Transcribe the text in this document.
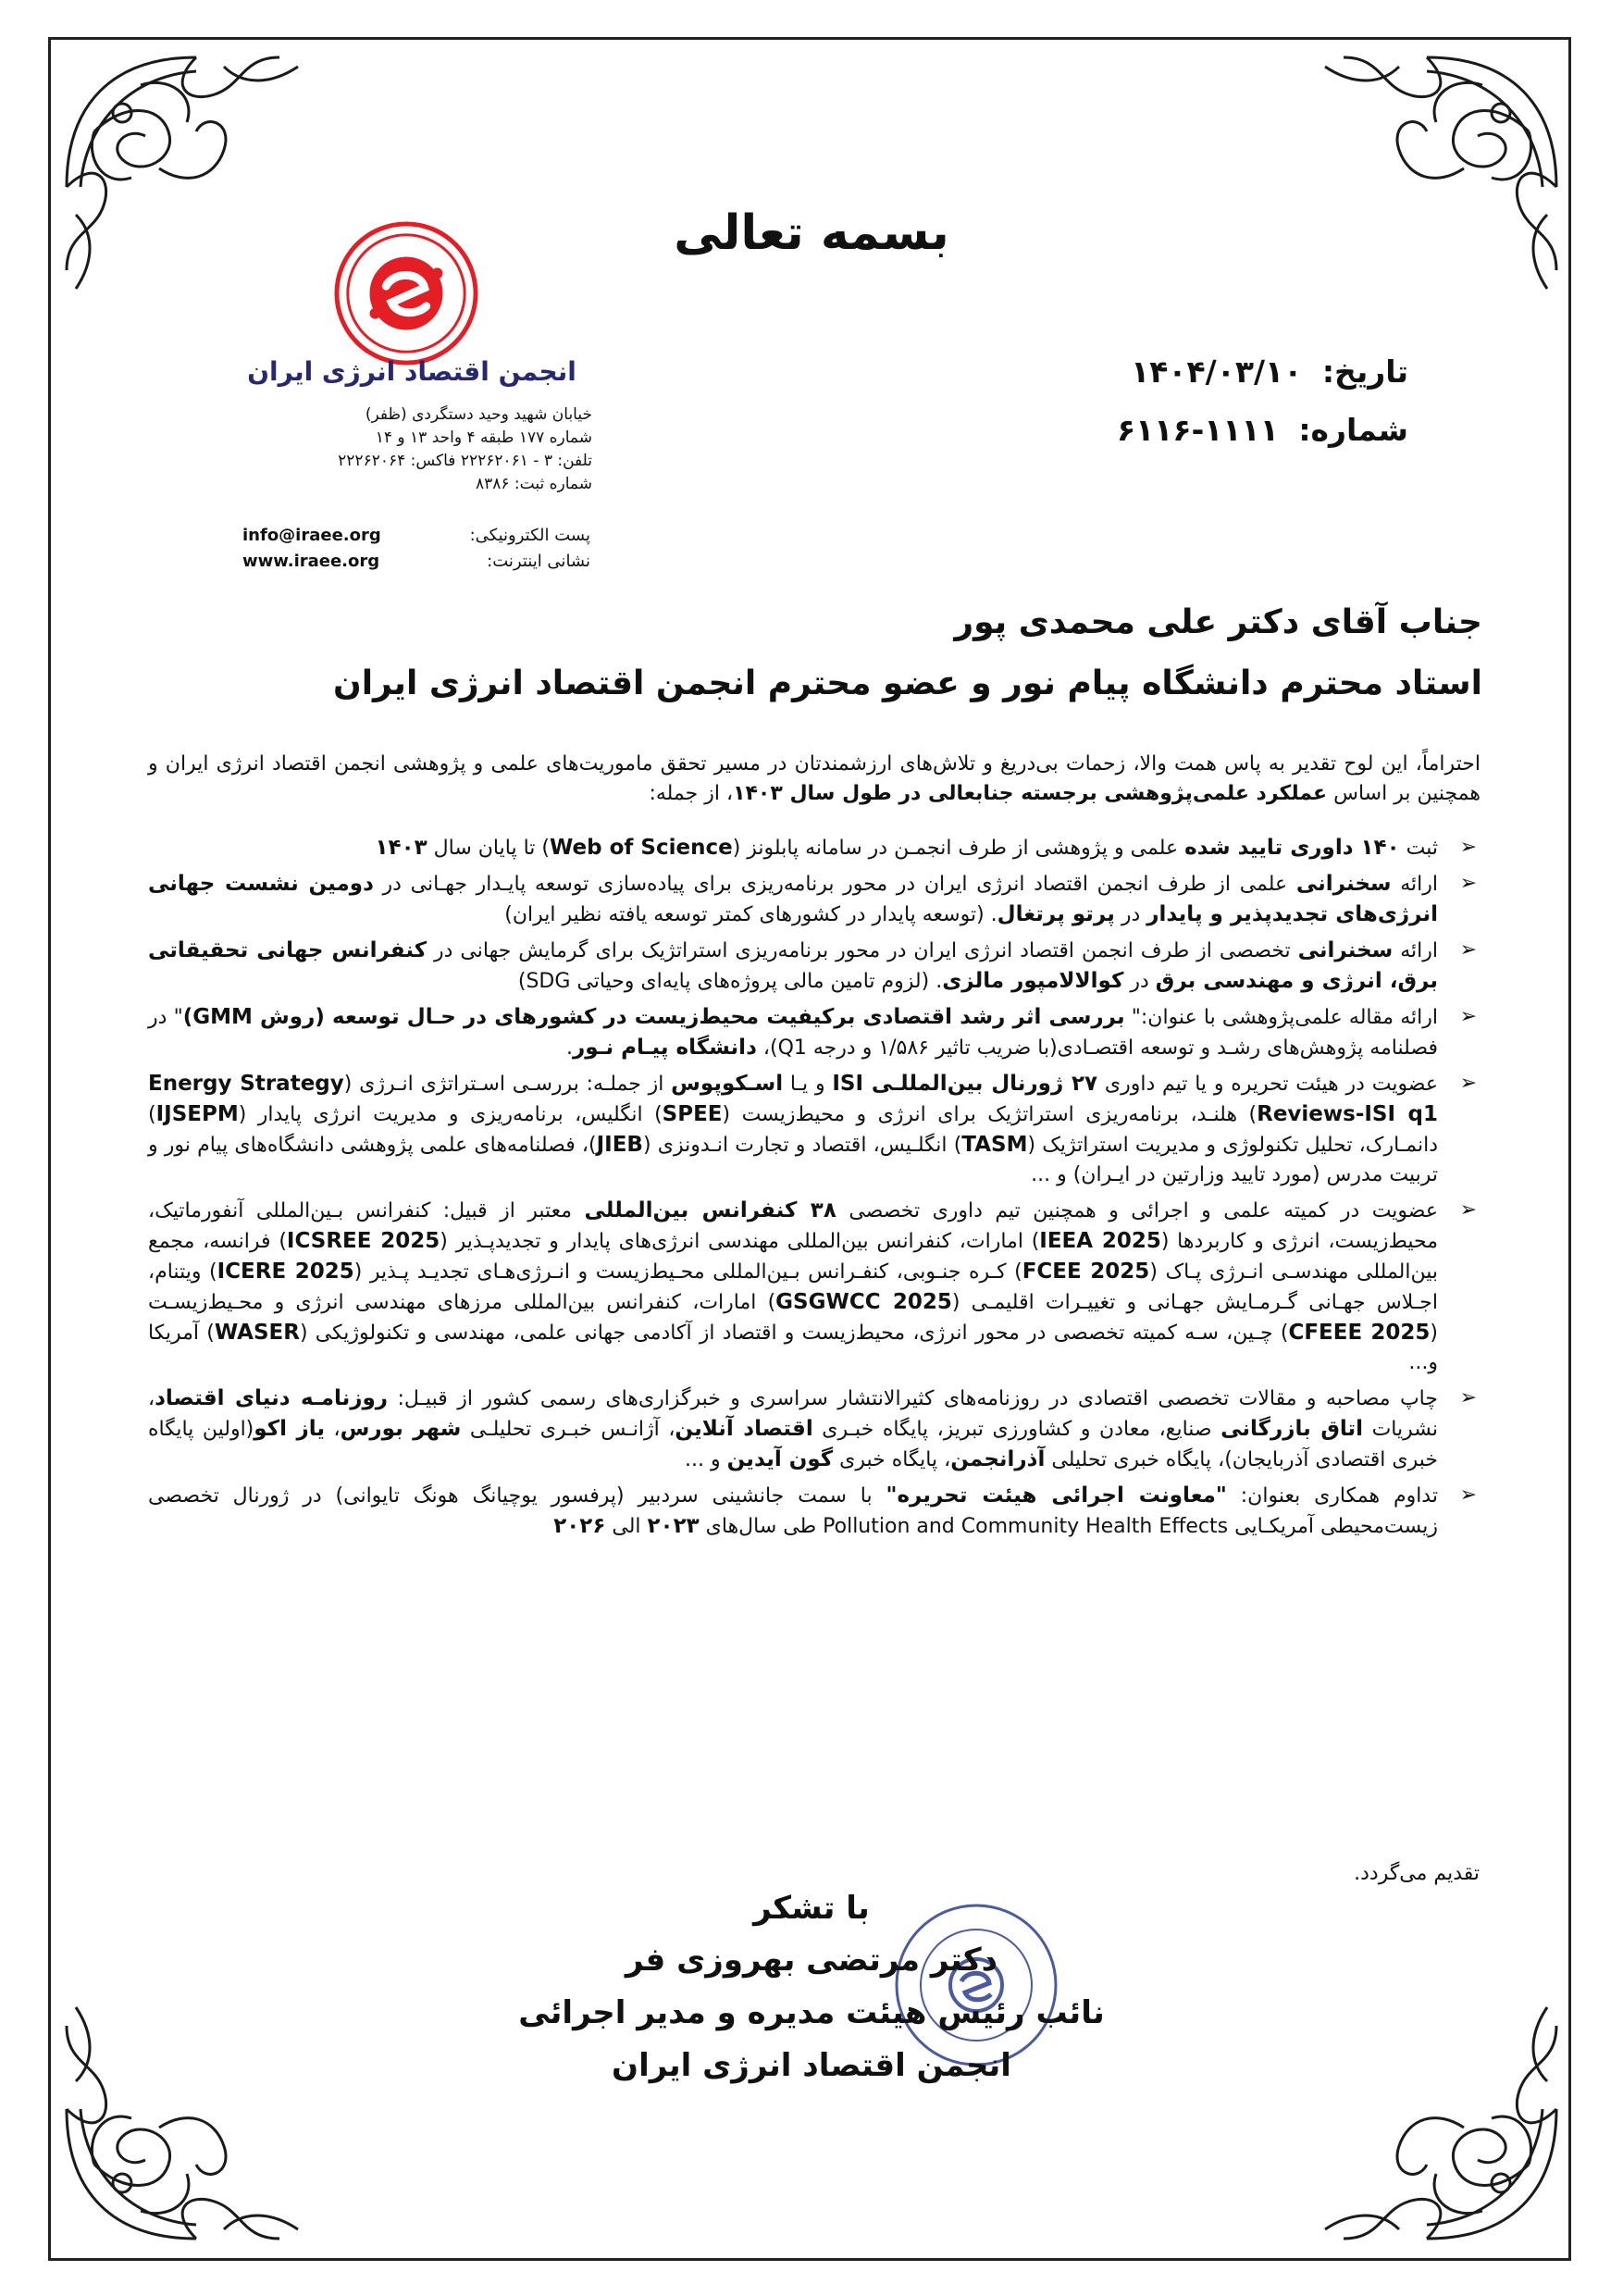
بسمه تعالی
انجمن اقتصاد انرژی ایران
خیابان شهید وحید دستگردی (ظفر)
شماره ۱۷۷ طبقه ۴ واحد ۱۳ و ۱۴
تلفن: ۳ - ۲۲۲۶۲۰۶۱ فاکس: ۲۲۲۶۲۰۶۴
شماره ثبت: ۸۳۸۶
پست الکترونیکی:
نشانی اینترنت:
info@iraee.org
www.iraee.org
تاریخ: ۱۴۰۴/۰۳/۱۰
شماره: ۱۱۱۱-۶۱۱۶
جناب آقای دکتر علی محمدی پور
استاد محترم دانشگاه پیام نور و عضو محترم انجمن اقتصاد انرژی ایران
احتراماً، این لوح تقدیر به پاس همت والا، زحمات بی‌دریغ و تلاش‌های ارزشمندتان در مسیر تحقق ماموریت‌های علمی و پژوهشی انجمن اقتصاد انرژی ایران و همچنین بر اساس عملکرد علمی‌پژوهشی برجسته جنابعالی در طول سال ۱۴۰۳، از جمله:
➢
ثبت ۱۴۰ داوری تایید شده علمی و پژوهشی از طرف انجمـن در سامانه پابلونز (Web of Science) تا پایان سال ۱۴۰۳
➢
ارائه سخنرانی علمی از طرف انجمن اقتصاد انرژی ایران در محور برنامه‌ریزی برای پیاده‌سازی توسعه پایـدار جهـانی در دومین نشست جهانی انرژی‌های تجدیدپذیر و پایدار در پرتو پرتغال. (توسعه پایدار در کشورهای کمتر توسعه یافته نظیر ایران)
➢
ارائه سخنرانی تخصصی از طرف انجمن اقتصاد انرژی ایران در محور برنامه‌ریزی استراتژیک برای گرمایش جهانی در کنفرانس جهانی تحقیقاتی برق، انرژی و مهندسی برق در کوالالامپور مالزی. (لزوم تامین مالی پروژه‌های پایه‌ای وحیاتی SDG)
➢
ارائه مقاله علمی‌پژوهشی با عنوان:" بررسی اثر رشد اقتصادی برکیفیت محیط‌زیست در کشورهای در حـال توسعه (روش GMM)" در فصلنامه پژوهش‌های رشـد و توسعه اقتصـادی(با ضریب تاثیر ۱/۵۸۶ و درجه Q1)، دانشگاه پیـام نـور.
➢
عضویت در هیئت تحریره و یا تیم داوری ۲۷ ژورنال بین‌المللـی ISI و یـا اسـکوپوس از جملـه: بررسـی اسـتراتژی انـرژی (Energy Strategy Reviews-ISI q1) هلنـد، برنامه‌ریزی استراتژیک برای انرژی و محیط‌زیست (SPEE) انگلیس، برنامه‌ریزی و مدیریت انرژی پایدار (IJSEPM) دانمـارک، تحلیل تکنولوژی و مدیریت استراتژیک (TASM) انگلـیس، اقتصاد و تجارت انـدونزی (JIEB)، فصلنامه‌های علمی پژوهشی دانشگاه‌های پیام نور و تربیت مدرس (مورد تایید وزارتین در ایـران) و ...
➢
عضویت در کمیته علمی و اجرائی و همچنین تیم داوری تخصصی ۳۸ کنفرانس بین‌المللی معتبر از قبیل: کنفرانس بـین‌المللی آنفورماتیک، محیط‌زیست، انرژی و کاربردها (IEEA 2025) امارات، کنفرانس بین‌المللی مهندسی انرژی‌های پایدار و تجدیدپـذیر (ICSREE 2025) فرانسه، مجمع بین‌المللی مهندسـی انـرژی پـاک (FCEE 2025) کـره جنـوبی، کنفـرانس بـین‌المللی محـیط‌زیست و انـرژی‌هـای تجدیـد پـذیر (ICERE 2025) ویتنام، اجـلاس جهـانی گـرمـایش جهـانی و تغییـرات اقلیمـی (GSGWCC 2025) امارات، کنفرانس بین‌المللی مرزهای مهندسی انرژی و محـیط‌زیسـت (CFEEE 2025) چـین، سـه کمیته تخصصی در محور انرژی، محیط‌زیست و اقتصاد از آکادمی جهانی علمی، مهندسی و تکنولوژیکی (WASER) آمریکا و...
➢
چاپ مصاحبه و مقالات تخصصی اقتصادی در روزنامه‌های کثیرالانتشار سراسری و خبرگزاری‌های رسمی کشور از قبیـل: روزنامـه دنیای اقتصاد، نشریات اتاق بازرگانی صنایع، معادن و کشاورزی تبریز، پایگاه خبـری اقتصاد آنلاین، آژانـس خبـری تحلیلـی شهر بورس، یاز اکو(اولین پایگاه خبری اقتصادی آذربایجان)، پایگاه خبری تحلیلی آذرانجمن، پایگاه خبری گون آیدین و ...
➢
تداوم همکاری بعنوان: "معاونت اجرائی هیئت تحریره" با سمت جانشینی سردبیر (پرفسور یوچیانگ هونگ تایوانی) در ژورنال تخصصی زیست‌محیطی آمریکـایی Pollution and Community Health Effects طی سال‌های ۲۰۲۳ الی ۲۰۲۶
تقدیم می‌گردد.
با تشکر
دکتر مرتضی بهروزی فر
نائب رئیس هیئت مدیره و مدیر اجرائی
انجمن اقتصاد انرژی ایران
